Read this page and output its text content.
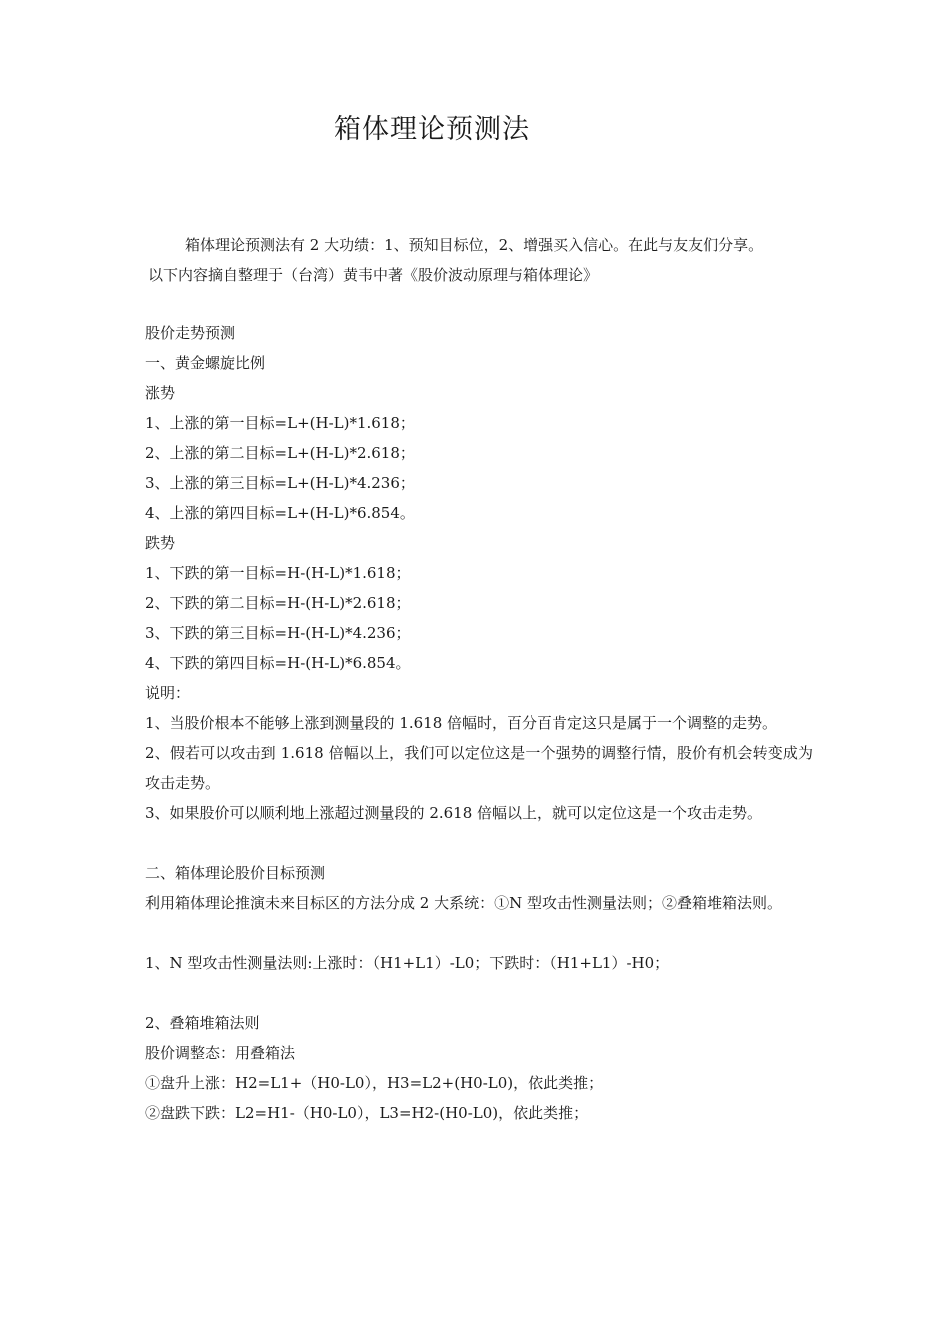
箱体理论预测法
箱体理论预测法有 2 大功绩：1、预知目标位，2、增强买入信心。在此与友友们分享。
以下内容摘自整理于（台湾）黄韦中著《股价波动原理与箱体理论》
股价走势预测
一、黄金螺旋比例
涨势
1、上涨的第一目标=L+(H-L)*1.618；
2、上涨的第二目标=L+(H-L)*2.618；
3、上涨的第三目标=L+(H-L)*4.236；
4、上涨的第四目标=L+(H-L)*6.854。
跌势
1、下跌的第一目标=H-(H-L)*1.618；
2、下跌的第二目标=H-(H-L)*2.618；
3、下跌的第三目标=H-(H-L)*4.236；
4、下跌的第四目标=H-(H-L)*6.854。
说明：
1、当股价根本不能够上涨到测量段的 1.618 倍幅时，百分百肯定这只是属于一个调整的走势。
2、假若可以攻击到 1.618 倍幅以上，我们可以定位这是一个强势的调整行情，股价有机会转变成为攻击走势。
3、如果股价可以顺利地上涨超过测量段的 2.618 倍幅以上，就可以定位这是一个攻击走势。
二、箱体理论股价目标预测
利用箱体理论推演未来目标区的方法分成 2 大系统：①N 型攻击性测量法则；②叠箱堆箱法则。
1、N 型攻击性测量法则:上涨时：（H1+L1）-L0；下跌时：（H1+L1）-H0；
2、叠箱堆箱法则
股价调整态：用叠箱法
①盘升上涨：H2=L1+（H0-L0），H3=L2+(H0-L0)，依此类推；
②盘跌下跌：L2=H1-（H0-L0），L3=H2-(H0-L0)，依此类推；
